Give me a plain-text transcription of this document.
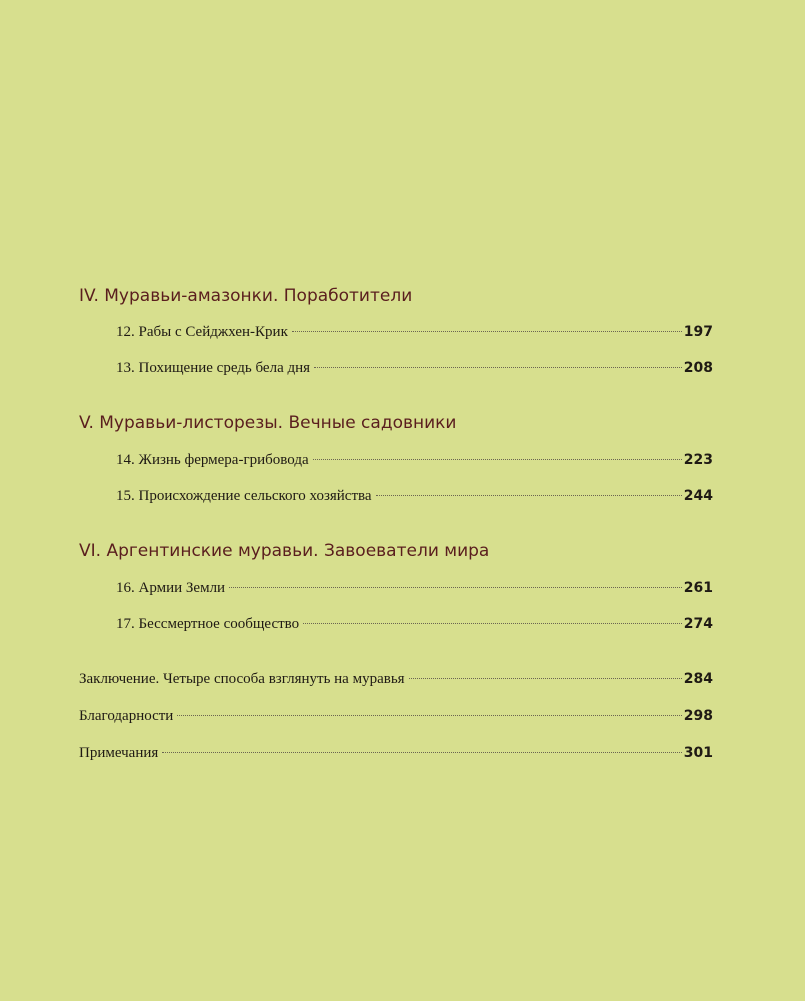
IV. Муравьи-амазонки. Поработители
12. Рабы с Сейджхен-Крик	197
13. Похищение средь бела дня	208
V. Муравьи-листорезы. Вечные садовники
14. Жизнь фермера-грибовода	223
15. Происхождение сельского хозяйства	244
VI. Аргентинские муравьи. Завоеватели мира
16. Армии Земли	261
17. Бессмертное сообщество	274
Заключение. Четыре способа взглянуть на муравья	284
Благодарности	298
Примечания	301
